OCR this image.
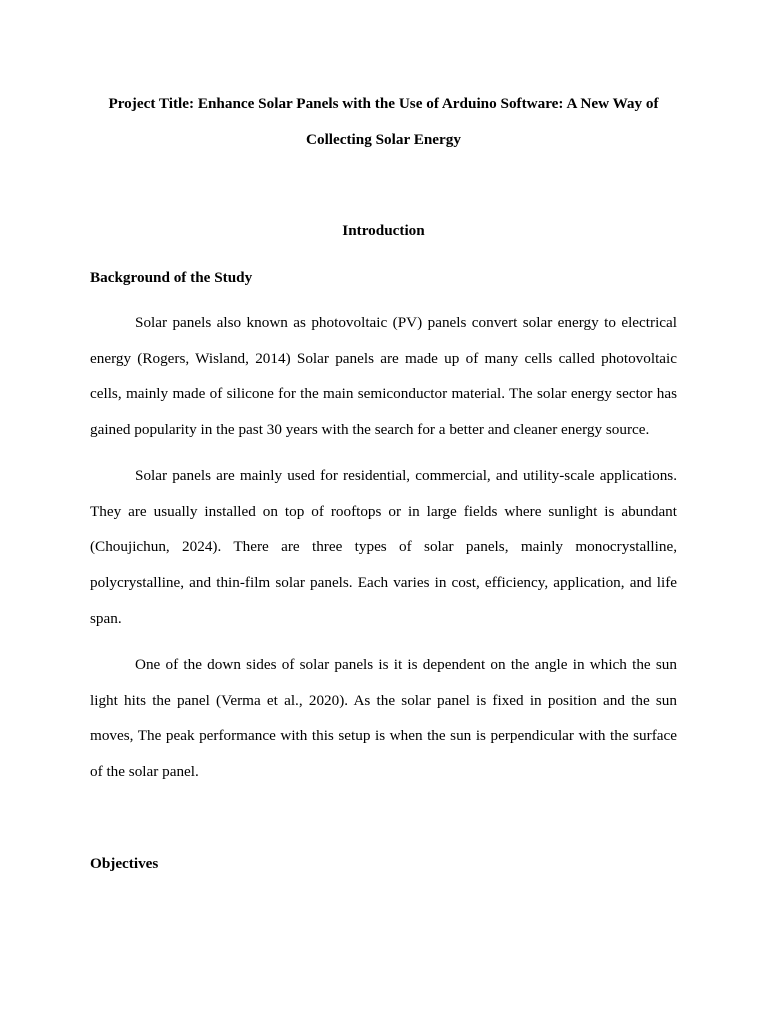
Project Title: Enhance Solar Panels with the Use of Arduino Software: A New Way of Collecting Solar Energy
Introduction
Background of the Study
Solar panels also known as photovoltaic (PV) panels convert solar energy to electrical energy (Rogers, Wisland, 2014) Solar panels are made up of many cells called photovoltaic cells, mainly made of silicone for the main semiconductor material. The solar energy sector has gained popularity in the past 30 years with the search for a better and cleaner energy source.
Solar panels are mainly used for residential, commercial, and utility-scale applications. They are usually installed on top of rooftops or in large fields where sunlight is abundant (Choujichun, 2024). There are three types of solar panels, mainly monocrystalline, polycrystalline, and thin-film solar panels. Each varies in cost, efficiency, application, and life span.
One of the down sides of solar panels is it is dependent on the angle in which the sun light hits the panel (Verma et al., 2020). As the solar panel is fixed in position and the sun moves, The peak performance with this setup is when the sun is perpendicular with the surface of the solar panel.
Objectives
